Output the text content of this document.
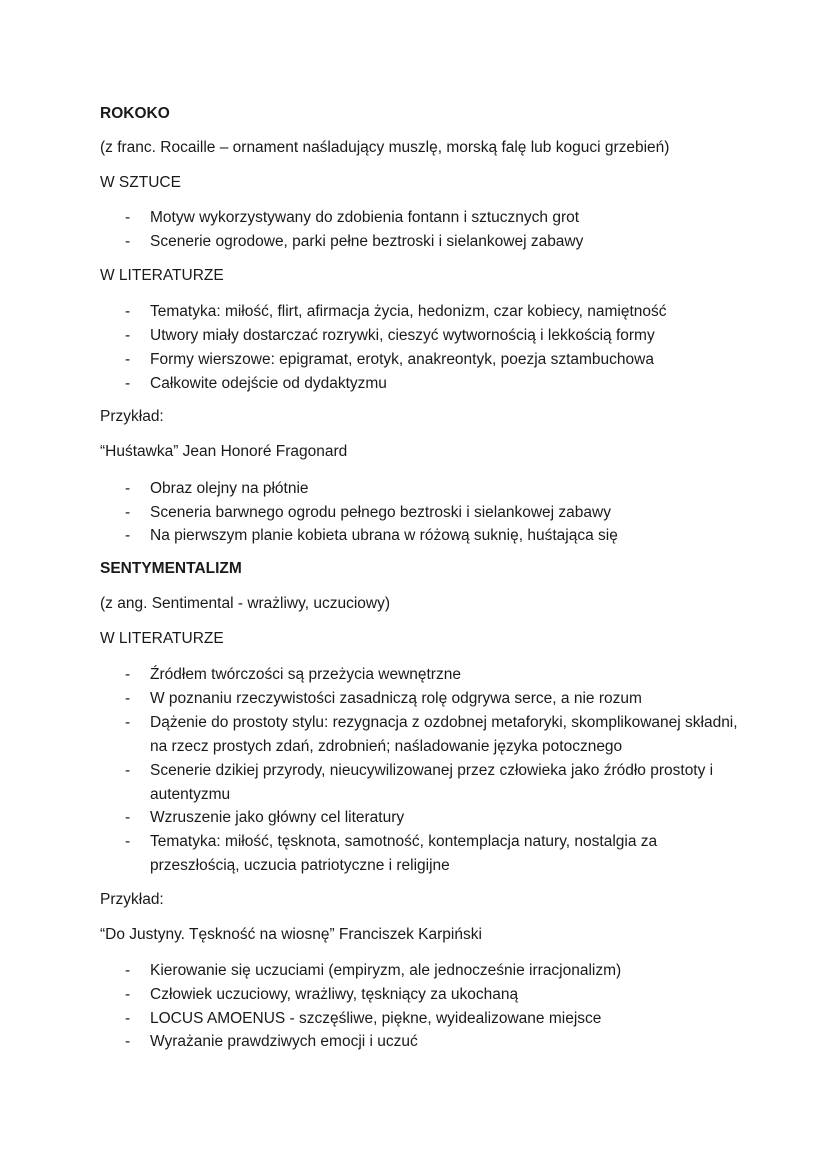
ROKOKO
(z franc. Rocaille – ornament naśladujący muszlę, morską falę lub koguci grzebień)
W SZTUCE
-	Motyw wykorzystywany do zdobienia fontann i sztucznych grot
-	Scenerie ogrodowe, parki pełne beztroski i sielankowej zabawy
W LITERATURZE
-	Tematyka: miłość, flirt, afirmacja życia, hedonizm, czar kobiecy, namiętność
-	Utwory miały dostarczać rozrywki, cieszyć wytwornością i lekkością formy
-	Formy wierszowe: epigramat, erotyk, anakreontyk, poezja sztambuchowa
-	Całkowite odejście od dydaktyzmu
Przykład:
“Huśtawka” Jean Honoré Fragonard
-	Obraz olejny na płótnie
-	Sceneria barwnego ogrodu pełnego beztroski i sielankowej zabawy
-	Na pierwszym planie kobieta ubrana w różową suknię, huśtająca się
SENTYMENTALIZM
(z ang. Sentimental - wrażliwy, uczuciowy)
W LITERATURZE
-	Źródłem twórczości są przeżycia wewnętrzne
-	W poznaniu rzeczywistości zasadniczą rolę odgrywa serce, a nie rozum
-	Dążenie do prostoty stylu: rezygnacja z ozdobnej metaforyki, skomplikowanej składni, na rzecz prostych zdań, zdrobnień; naśladowanie języka potocznego
-	Scenerie dzikiej przyrody, nieucywilizowanej przez człowieka jako źródło prostoty i autentyzmu
-	Wzruszenie jako główny cel literatury
-	Tematyka: miłość, tęsknota, samotność, kontemplacja natury, nostalgia za przeszłością, uczucia patriotyczne i religijne
Przykład:
“Do Justyny. Tęskność na wiosnę” Franciszek Karpiński
-	Kierowanie się uczuciami (empiryzm, ale jednocześnie irracjonalizm)
-	Człowiek uczuciowy, wrażliwy, tęskniący za ukochaną
-	LOCUS AMOENUS - szczęśliwe, piękne, wyidealizowane miejsce
-	Wyrażanie prawdziwych emocji i uczuć
